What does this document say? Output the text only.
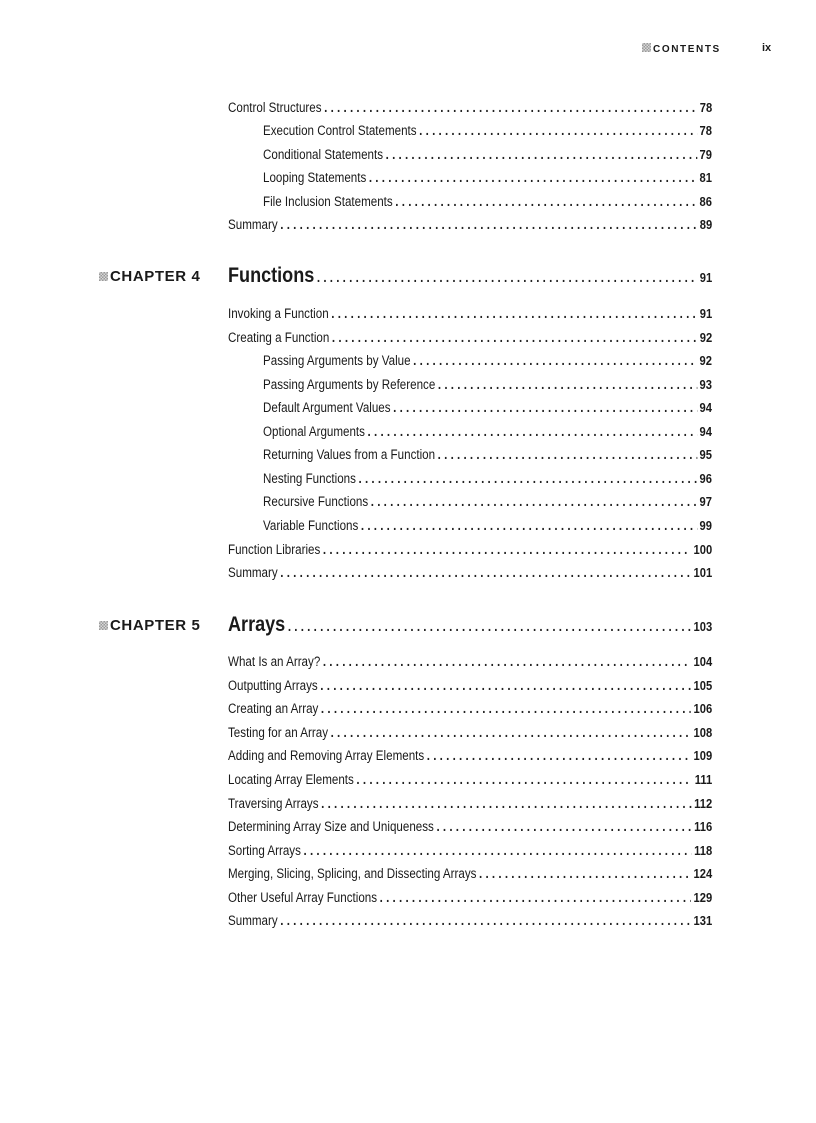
CONTENTS	ix
Control Structures . . .	78
Execution Control Statements . . .	78
Conditional Statements . . .	79
Looping Statements . . .	81
File Inclusion Statements . . .	86
Summary . . .	89
CHAPTER 4 Functions . . .	91
Invoking a Function . . .	91
Creating a Function . . .	92
Passing Arguments by Value . . .	92
Passing Arguments by Reference . . .	93
Default Argument Values . . .	94
Optional Arguments . . .	94
Returning Values from a Function . . .	95
Nesting Functions . . .	96
Recursive Functions . . .	97
Variable Functions . . .	99
Function Libraries . . .	100
Summary . . .	101
CHAPTER 5 Arrays . . .	103
What Is an Array? . . .	104
Outputting Arrays . . .	105
Creating an Array . . .	106
Testing for an Array . . .	108
Adding and Removing Array Elements . . .	109
Locating Array Elements . . .	111
Traversing Arrays . . .	112
Determining Array Size and Uniqueness . . .	116
Sorting Arrays . . .	118
Merging, Slicing, Splicing, and Dissecting Arrays . . .	124
Other Useful Array Functions . . .	129
Summary . . .	131
